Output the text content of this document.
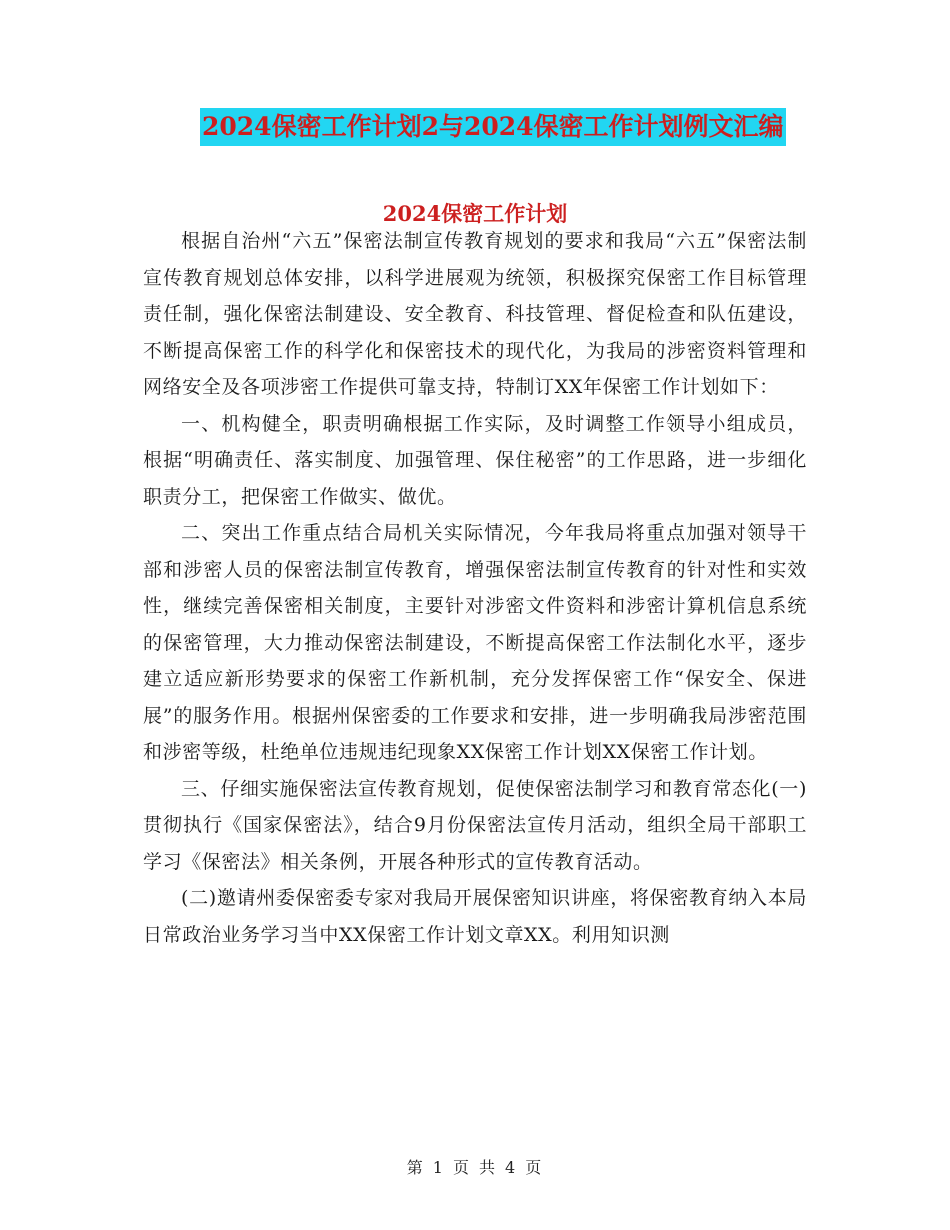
2024保密工作计划2与2024保密工作计划例文汇编
2024保密工作计划

根据自治州“六五”保密法制宣传教育规划的要求和我局“六五”保密法制宣传教育规划总体安排，以科学进展观为统领，积极探究保密工作目标管理责任制，强化保密法制建设、安全教育、科技管理、督促检查和队伍建设，不断提高保密工作的科学化和保密技术的现代化，为我局的涉密资料管理和网络安全及各项涉密工作提供可靠支持，特制订XX年保密工作计划如下：

一、机构健全，职责明确根据工作实际，及时调整工作领导小组成员，根据“明确责任、落实制度、加强管理、保住秘密”的工作思路，进一步细化职责分工，把保密工作做实、做优。

二、突出工作重点结合局机关实际情况，今年我局将重点加强对领导干部和涉密人员的保密法制宣传教育，增强保密法制宣传教育的针对性和实效性，继续完善保密相关制度，主要针对涉密文件资料和涉密计算机信息系统的保密管理，大力推动保密法制建设，不断提高保密工作法制化水平，逐步建立适应新形势要求的保密工作新机制，充分发挥保密工作“保安全、保进展”的服务作用。根据州保密委的工作要求和安排，进一步明确我局涉密范围和涉密等级，杜绝单位违规违纪现象XX保密工作计划XX保密工作计划。

三、仔细实施保密法宣传教育规划，促使保密法制学习和教育常态化(一)贯彻执行《国家保密法》，结合9月份保密法宣传月活动，组织全局干部职工学习《保密法》相关条例，开展各种形式的宣传教育活动。

(二)邀请州委保密委专家对我局开展保密知识讲座，将保密教育纳入本局日常政治业务学习当中XX保密工作计划文章XX。利用知识测

第 1 页 共 4 页
